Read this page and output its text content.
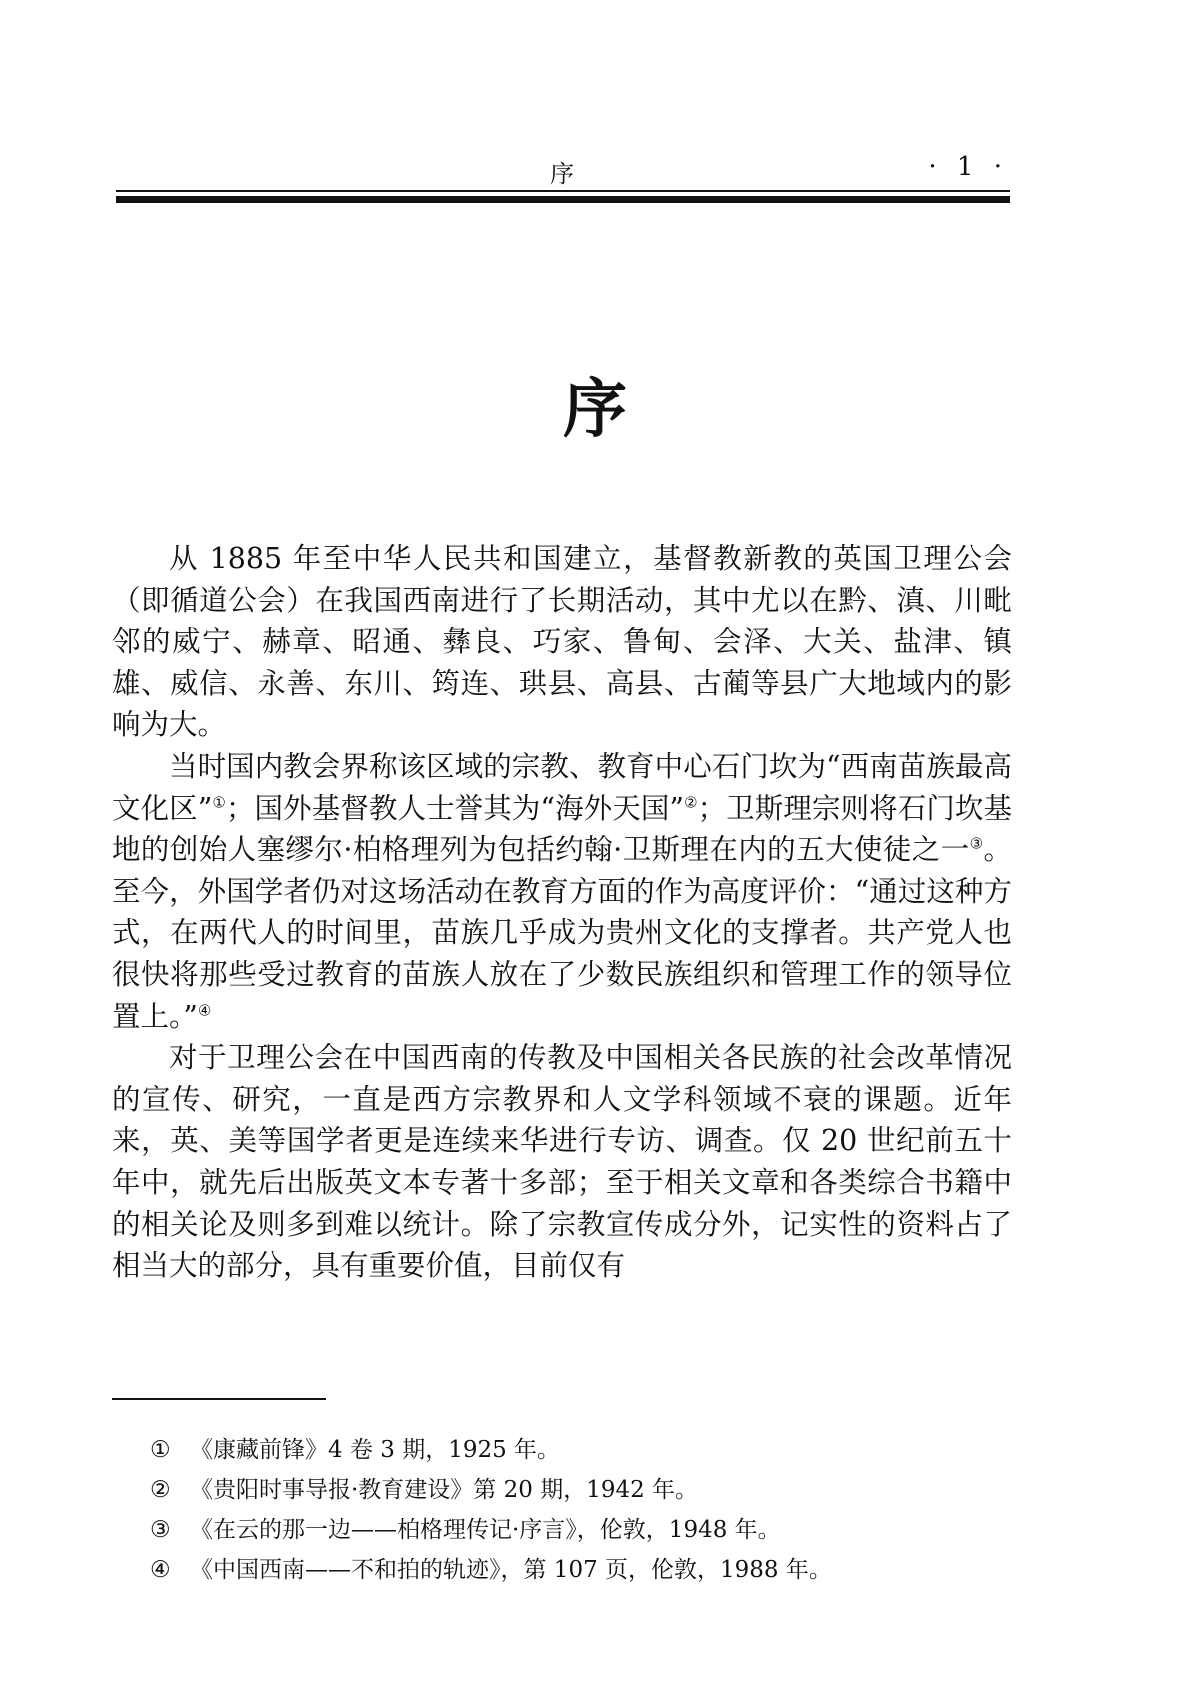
序	· 1 ·
序

从 1885 年至中华人民共和国建立，基督教新教的英国卫理公会（即循道公会）在我国西南进行了长期活动，其中尤以在黔、滇、川毗邻的威宁、赫章、昭通、彝良、巧家、鲁甸、会泽、大关、盐津、镇雄、威信、永善、东川、筠连、珙县、高县、古蔺等县广大地域内的影响为大。

当时国内教会界称该区域的宗教、教育中心石门坎为“西南苗族最高文化区”①；国外基督教人士誉其为“海外天国”②；卫斯理宗则将石门坎基地的创始人塞缪尔·柏格理列为包括约翰·卫斯理在内的五大使徒之一③。至今，外国学者仍对这场活动在教育方面的作为高度评价：“通过这种方式，在两代人的时间里，苗族几乎成为贵州文化的支撑者。共产党人也很快将那些受过教育的苗族人放在了少数民族组织和管理工作的领导位置上。”④

对于卫理公会在中国西南的传教及中国相关各民族的社会改革情况的宣传、研究，一直是西方宗教界和人文学科领域不衰的课题。近年来，英、美等国学者更是连续来华进行专访、调查。仅 20 世纪前五十年中，就先后出版英文本专著十多部；至于相关文章和各类综合书籍中的相关论及则多到难以统计。除了宗教宣传成分外，记实性的资料占了相当大的部分，具有重要价值，目前仅有

① 《康藏前锋》4 卷 3 期，1925 年。
② 《贵阳时事导报·教育建设》第 20 期，1942 年。
③ 《在云的那一边——柏格理传记·序言》，伦敦，1948 年。
④ 《中国西南——不和拍的轨迹》，第 107 页，伦敦，1988 年。
